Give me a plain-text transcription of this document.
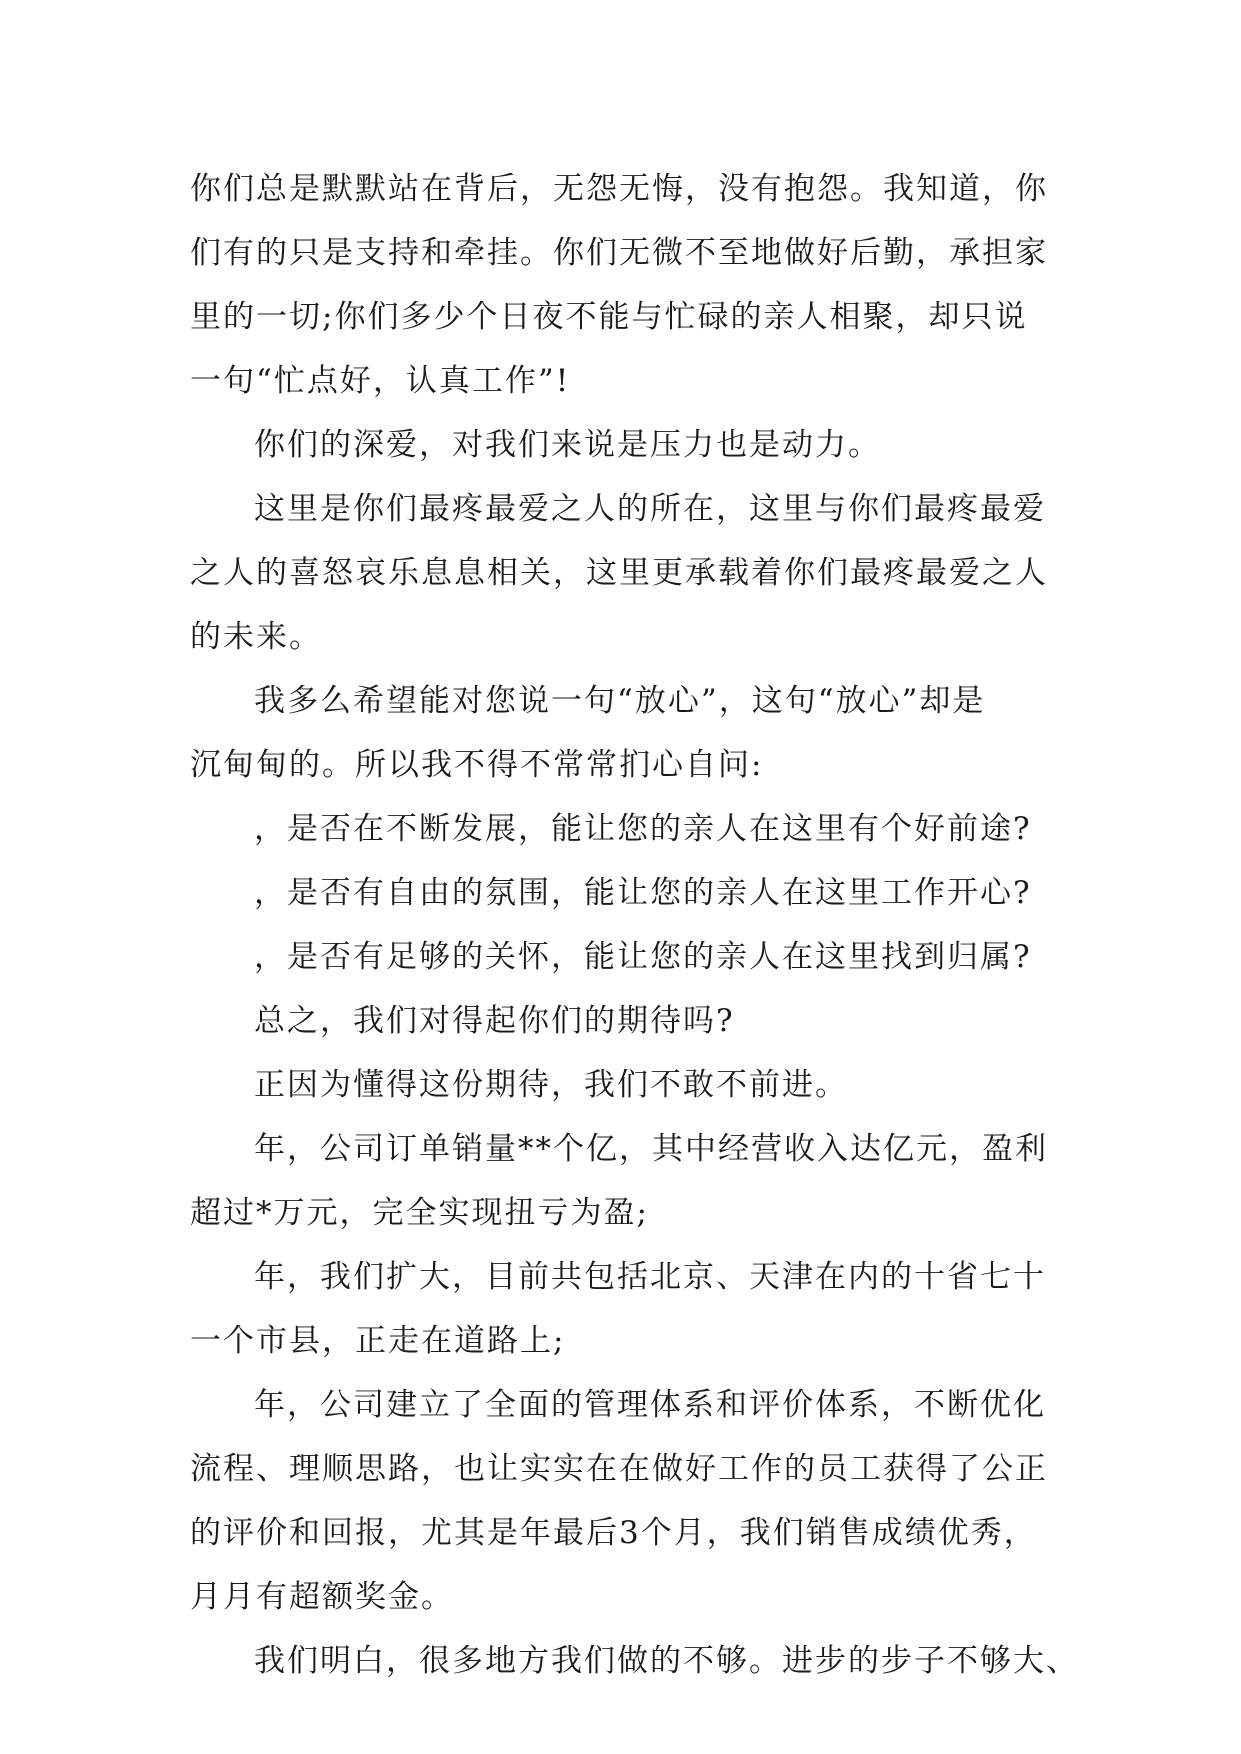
你们总是默默站在背后，无怨无悔，没有抱怨。我知道，你
们有的只是支持和牵挂。你们无微不至地做好后勤，承担家
里的一切;你们多少个日夜不能与忙碌的亲人相聚，却只说
一句“忙点好，认真工作”!
你们的深爱，对我们来说是压力也是动力。
这里是你们最疼最爱之人的所在，这里与你们最疼最爱
之人的喜怒哀乐息息相关，这里更承载着你们最疼最爱之人
的未来。
我多么希望能对您说一句“放心”，这句“放心”却是
沉甸甸的。所以我不得不常常扪心自问:
，是否在不断发展，能让您的亲人在这里有个好前途?
，是否有自由的氛围，能让您的亲人在这里工作开心?
，是否有足够的关怀，能让您的亲人在这里找到归属?
总之，我们对得起你们的期待吗?
正因为懂得这份期待，我们不敢不前进。
年，公司订单销量**个亿，其中经营收入达亿元，盈利
超过*万元，完全实现扭亏为盈;
年，我们扩大，目前共包括北京、天津在内的十省七十
一个市县，正走在道路上;
年，公司建立了全面的管理体系和评价体系，不断优化
流程、理顺思路，也让实实在在做好工作的员工获得了公正
的评价和回报，尤其是年最后3个月，我们销售成绩优秀，
月月有超额奖金。
我们明白，很多地方我们做的不够。进步的步子不够大、
